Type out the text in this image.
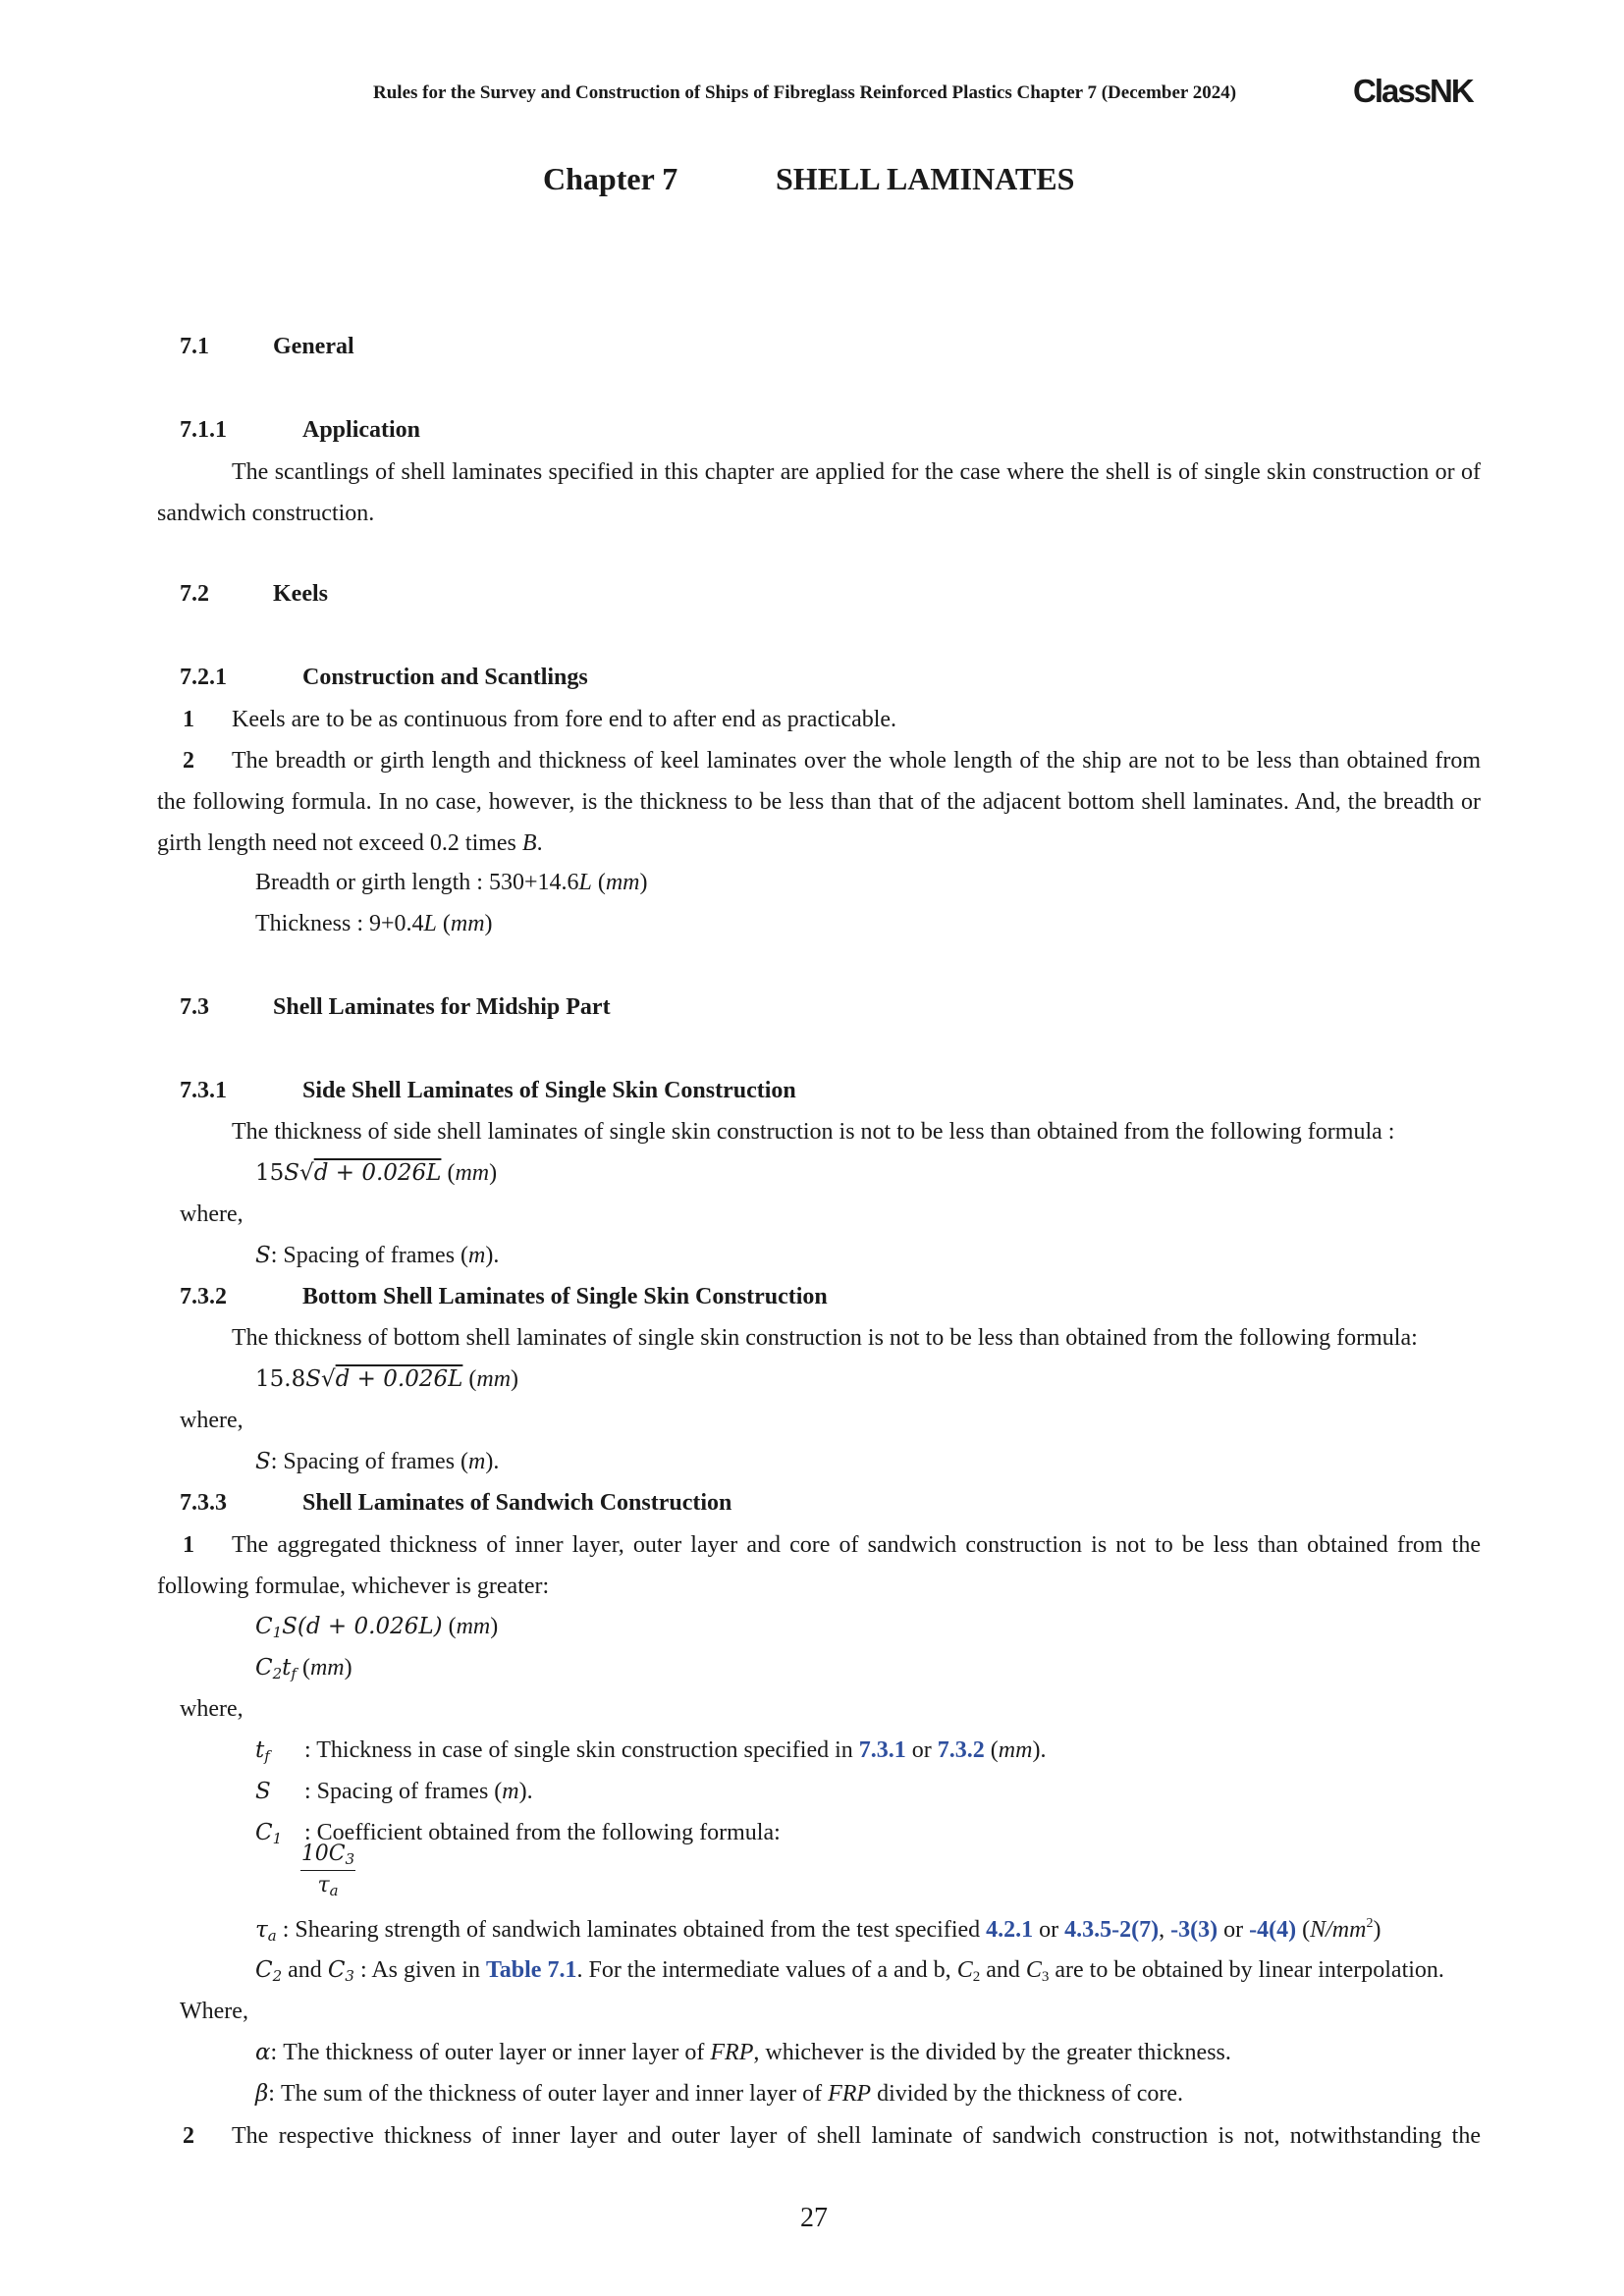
Rules for the Survey and Construction of Ships of Fibreglass Reinforced Plastics Chapter 7 (December 2024)	ClassNK
Chapter 7	SHELL LAMINATES
7.1	General
7.1.1	Application
The scantlings of shell laminates specified in this chapter are applied for the case where the shell is of single skin construction or of sandwich construction.
7.2	Keels
7.2.1	Construction and Scantlings
1 Keels are to be as continuous from fore end to after end as practicable.
2 The breadth or girth length and thickness of keel laminates over the whole length of the ship are not to be less than obtained from the following formula. In no case, however, is the thickness to be less than that of the adjacent bottom shell laminates. And, the breadth or girth length need not exceed 0.2 times B.
Breadth or girth length : 530+14.6L (mm)
Thickness : 9+0.4L (mm)
7.3	Shell Laminates for Midship Part
7.3.1	Side Shell Laminates of Single Skin Construction
The thickness of side shell laminates of single skin construction is not to be less than obtained from the following formula :
15S√d + 0.026L (mm)
where,
S: Spacing of frames (m).
7.3.2	Bottom Shell Laminates of Single Skin Construction
The thickness of bottom shell laminates of single skin construction is not to be less than obtained from the following formula:
15.8S√d + 0.026L (mm)
where,
S: Spacing of frames (m).
7.3.3	Shell Laminates of Sandwich Construction
1 The aggregated thickness of inner layer, outer layer and core of sandwich construction is not to be less than obtained from the following formulae, whichever is greater:
$C_1S(d + 0.026L)$ (mm)
$C_2t_f$ (mm)
where,
$t_f$ : Thickness in case of single skin construction specified in 7.3.1 or 7.3.2 (mm).
S : Spacing of frames (m).
$C_1$ : Coefficient obtained from the following formula:
$\frac{10C_3}{\tau_a}$
$\tau_a$ : Shearing strength of sandwich laminates obtained from the test specified 4.2.1 or 4.3.5-2(7), -3(3) or -4(4) $(N/mm^2)$
$C_2$ and $C_3$ : As given in Table 7.1. For the intermediate values of a and b, $C_2$ and $C_3$ are to be obtained by linear interpolation.
Where,
α: The thickness of outer layer or inner layer of FRP, whichever is the divided by the greater thickness.
β: The sum of the thickness of outer layer and inner layer of FRP divided by the thickness of core.
2 The respective thickness of inner layer and outer layer of shell laminate of sandwich construction is not, notwithstanding the
27
